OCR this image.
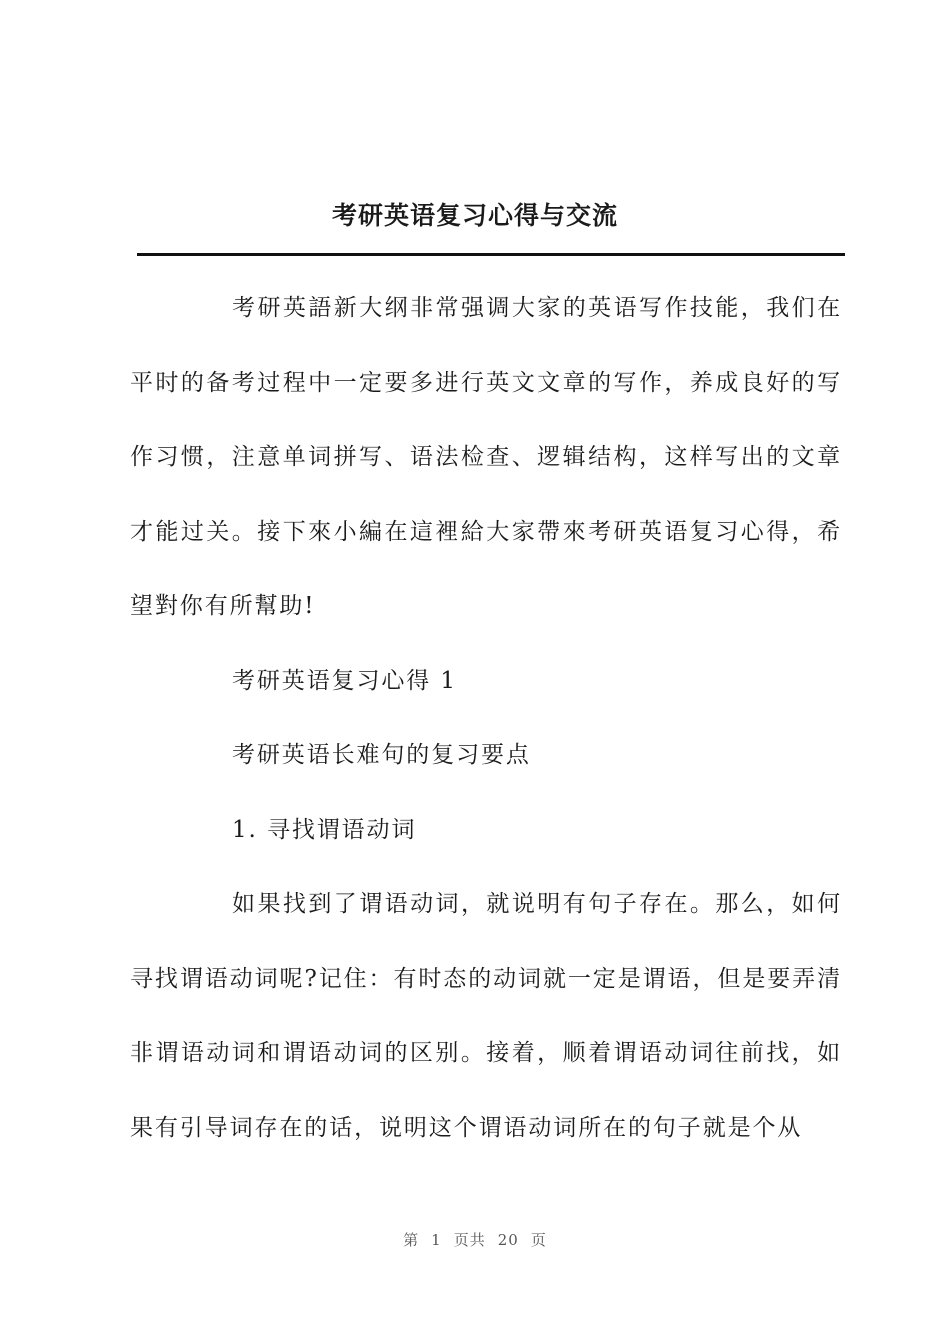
考研英语复习心得与交流

考研英語新大纲非常强调大家的英语写作技能，我们在平时的备考过程中一定要多进行英文文章的写作，养成良好的写作习惯，注意单词拼写、语法检查、逻辑结构，这样写出的文章才能过关。接下來小編在這裡給大家帶來考研英语复习心得，希望對你有所幫助!

考研英语复习心得 1

考研英语长难句的复习要点

1. 寻找谓语动词

如果找到了谓语动词，就说明有句子存在。那么，如何寻找谓语动词呢?记住：有时态的动词就一定是谓语，但是要弄清非谓语动词和谓语动词的区别。接着，顺着谓语动词往前找，如果有引导词存在的话，说明这个谓语动词所在的句子就是个从

第 1 页共 20 页
